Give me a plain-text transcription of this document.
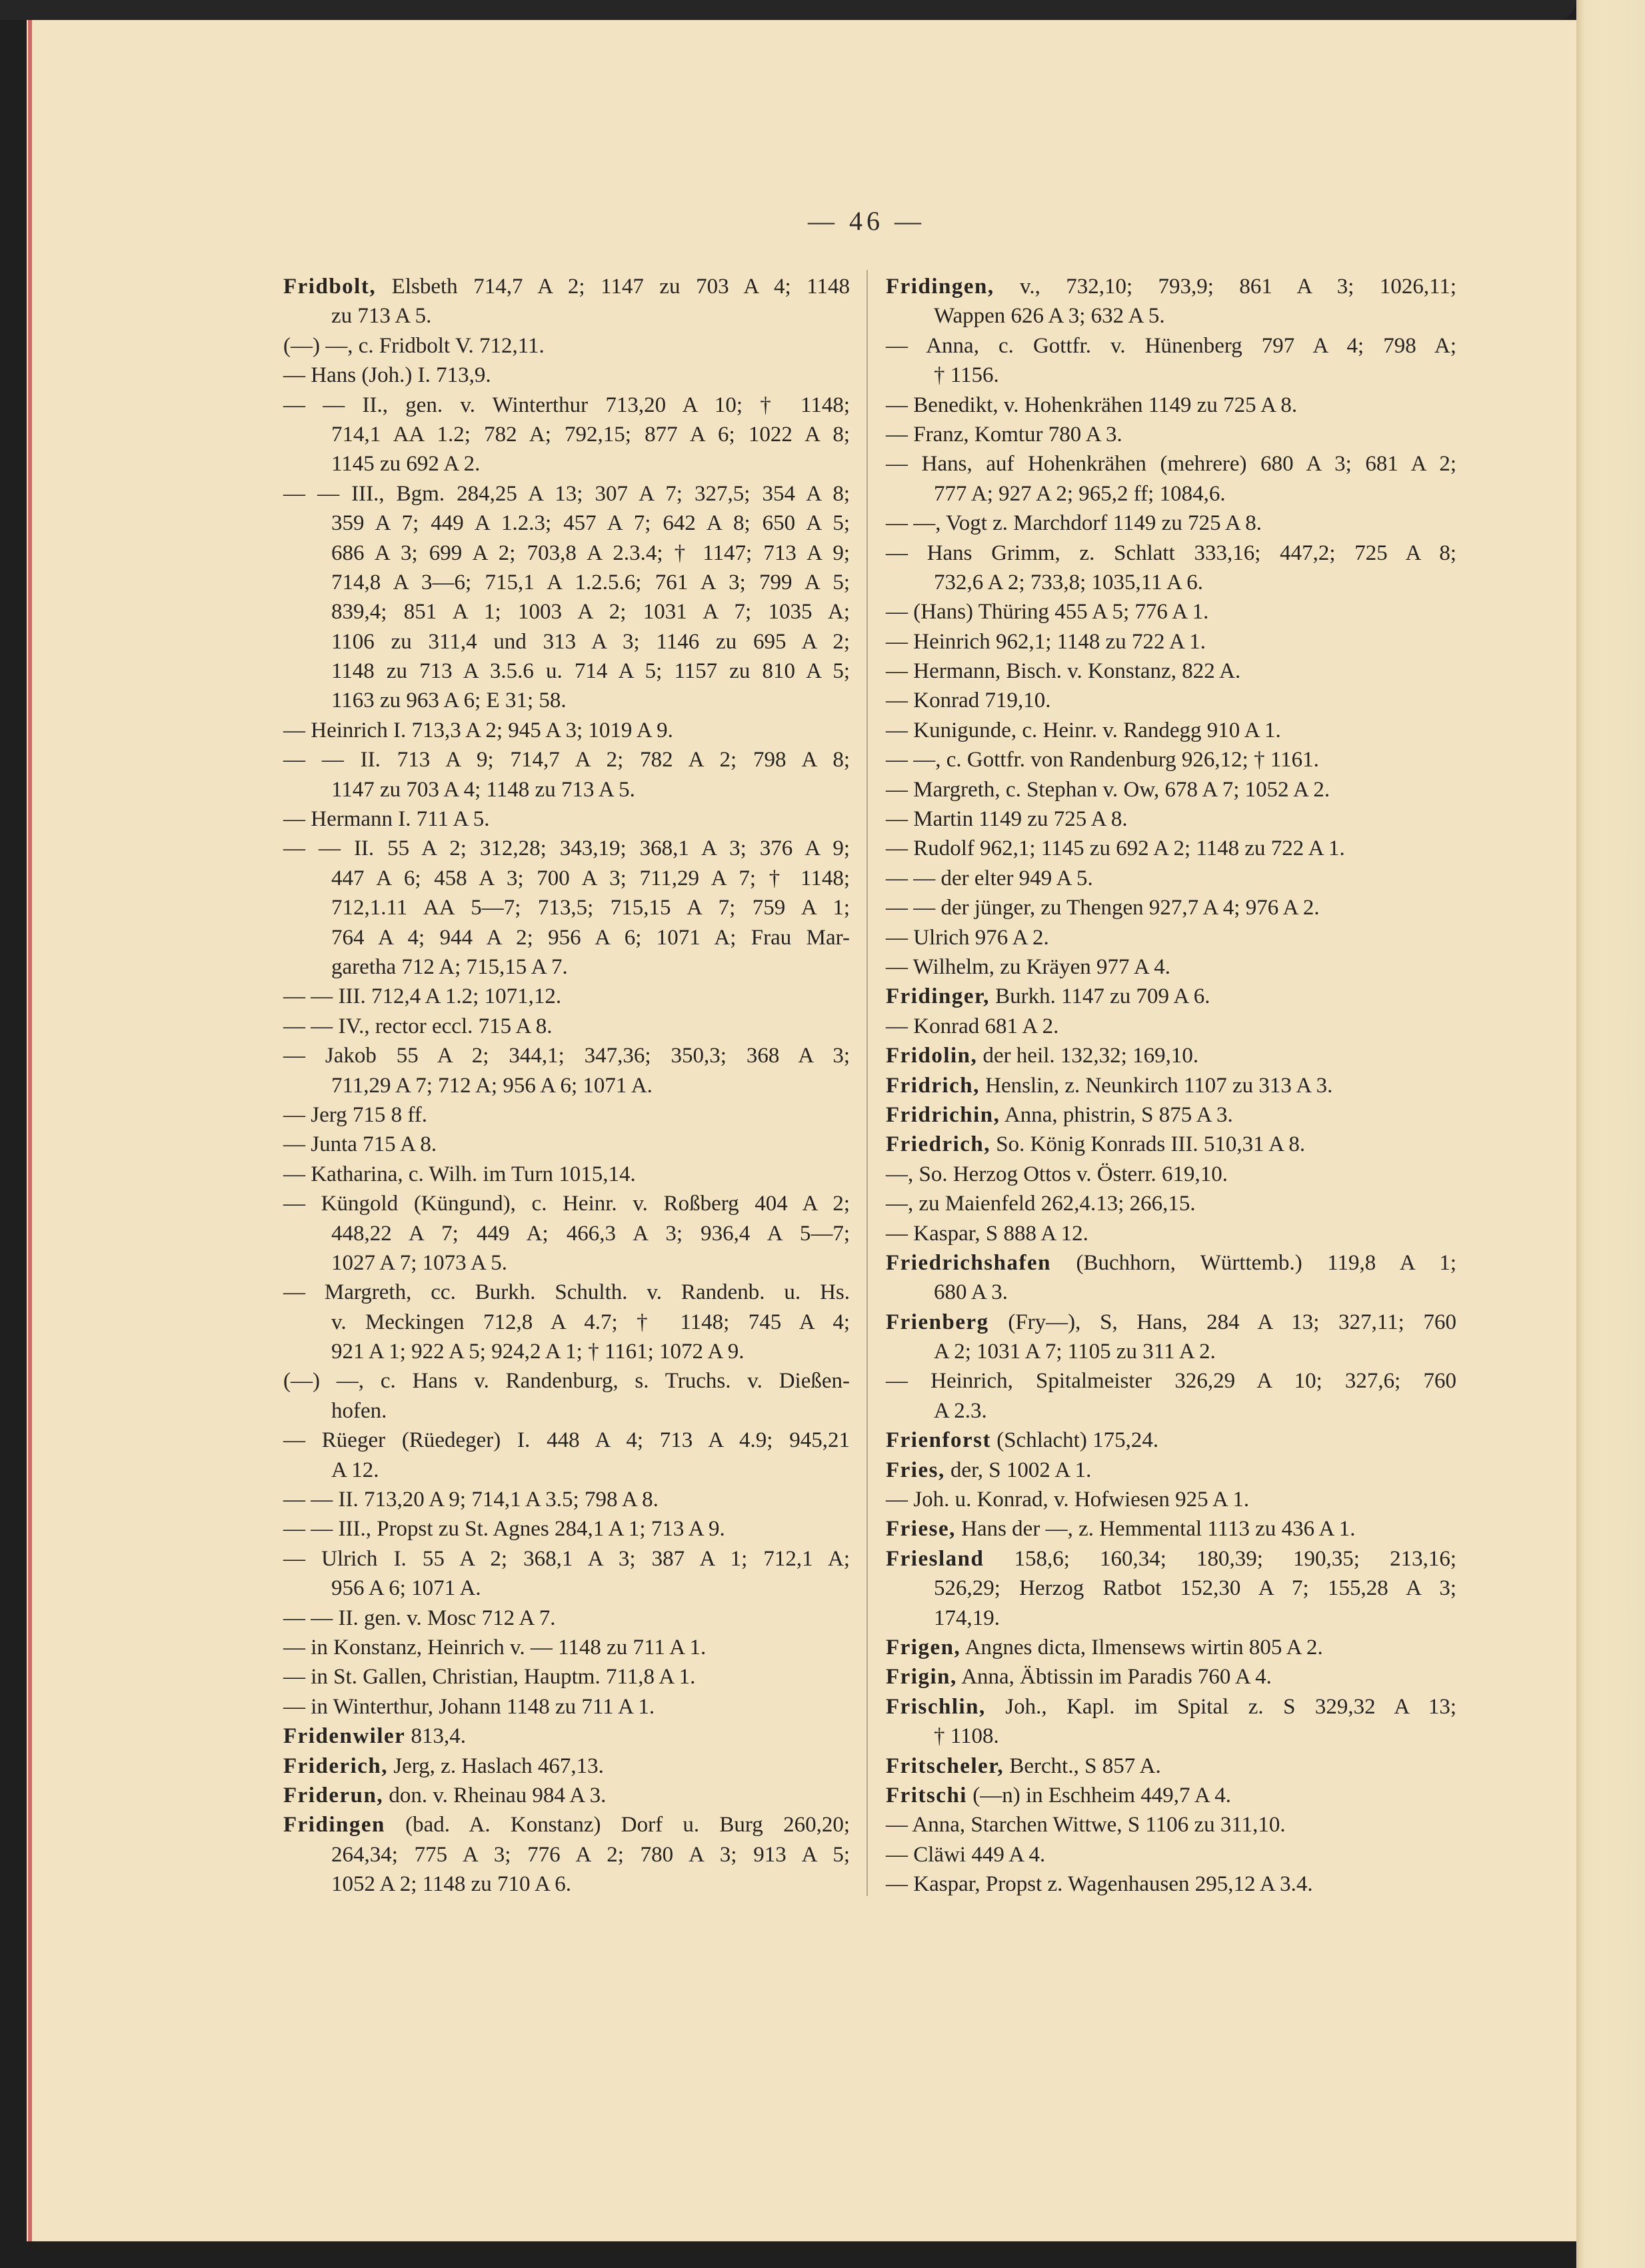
— 46 —
Fridbolt, Elsbeth 714,7 A 2; 1147 zu 703 A 4; 1148
zu 713 A 5.
(—) —, c. Fridbolt V. 712,11.
— Hans (Joh.) I. 713,9.
— — II., gen. v. Winterthur 713,20 A 10; † 1148;
714,1 AA 1.2; 782 A; 792,15; 877 A 6; 1022 A 8;
1145 zu 692 A 2.
— — III., Bgm. 284,25 A 13; 307 A 7; 327,5; 354 A 8;
359 A 7; 449 A 1.2.3; 457 A 7; 642 A 8; 650 A 5;
686 A 3; 699 A 2; 703,8 A 2.3.4; † 1147; 713 A 9;
714,8 A 3—6; 715,1 A 1.2.5.6; 761 A 3; 799 A 5;
839,4; 851 A 1; 1003 A 2; 1031 A 7; 1035 A;
1106 zu 311,4 und 313 A 3; 1146 zu 695 A 2;
1148 zu 713 A 3.5.6 u. 714 A 5; 1157 zu 810 A 5;
1163 zu 963 A 6; E 31; 58.
— Heinrich I. 713,3 A 2; 945 A 3; 1019 A 9.
— — II. 713 A 9; 714,7 A 2; 782 A 2; 798 A 8;
1147 zu 703 A 4; 1148 zu 713 A 5.
— Hermann I. 711 A 5.
— — II. 55 A 2; 312,28; 343,19; 368,1 A 3; 376 A 9;
447 A 6; 458 A 3; 700 A 3; 711,29 A 7; † 1148;
712,1.11 AA 5—7; 713,5; 715,15 A 7; 759 A 1;
764 A 4; 944 A 2; 956 A 6; 1071 A; Frau Mar-
garetha 712 A; 715,15 A 7.
— — III. 712,4 A 1.2; 1071,12.
— — IV., rector eccl. 715 A 8.
— Jakob 55 A 2; 344,1; 347,36; 350,3; 368 A 3;
711,29 A 7; 712 A; 956 A 6; 1071 A.
— Jerg 715 8 ff.
— Junta 715 A 8.
— Katharina, c. Wilh. im Turn 1015,14.
— Küngold (Küngund), c. Heinr. v. Roßberg 404 A 2;
448,22 A 7; 449 A; 466,3 A 3; 936,4 A 5—7;
1027 A 7; 1073 A 5.
— Margreth, cc. Burkh. Schulth. v. Randenb. u. Hs.
v. Meckingen 712,8 A 4.7; † 1148; 745 A 4;
921 A 1; 922 A 5; 924,2 A 1; † 1161; 1072 A 9.
(—) —, c. Hans v. Randenburg, s. Truchs. v. Dießen-
hofen.
— Rüeger (Rüedeger) I. 448 A 4; 713 A 4.9; 945,21
A 12.
— — II. 713,20 A 9; 714,1 A 3.5; 798 A 8.
— — III., Propst zu St. Agnes 284,1 A 1; 713 A 9.
— Ulrich I. 55 A 2; 368,1 A 3; 387 A 1; 712,1 A;
956 A 6; 1071 A.
— — II. gen. v. Mosc 712 A 7.
— in Konstanz, Heinrich v. — 1148 zu 711 A 1.
— in St. Gallen, Christian, Hauptm. 711,8 A 1.
— in Winterthur, Johann 1148 zu 711 A 1.
Fridenwiler 813,4.
Friderich, Jerg, z. Haslach 467,13.
Friderun, don. v. Rheinau 984 A 3.
Fridingen (bad. A. Konstanz) Dorf u. Burg 260,20;
264,34; 775 A 3; 776 A 2; 780 A 3; 913 A 5;
1052 A 2; 1148 zu 710 A 6.
Fridingen, v., 732,10; 793,9; 861 A 3; 1026,11;
Wappen 626 A 3; 632 A 5.
— Anna, c. Gottfr. v. Hünenberg 797 A 4; 798 A;
† 1156.
— Benedikt, v. Hohenkrähen 1149 zu 725 A 8.
— Franz, Komtur 780 A 3.
— Hans, auf Hohenkrähen (mehrere) 680 A 3; 681 A 2;
777 A; 927 A 2; 965,2 ff; 1084,6.
— —, Vogt z. Marchdorf 1149 zu 725 A 8.
— Hans Grimm, z. Schlatt 333,16; 447,2; 725 A 8;
732,6 A 2; 733,8; 1035,11 A 6.
— (Hans) Thüring 455 A 5; 776 A 1.
— Heinrich 962,1; 1148 zu 722 A 1.
— Hermann, Bisch. v. Konstanz, 822 A.
— Konrad 719,10.
— Kunigunde, c. Heinr. v. Randegg 910 A 1.
— —, c. Gottfr. von Randenburg 926,12; † 1161.
— Margreth, c. Stephan v. Ow, 678 A 7; 1052 A 2.
— Martin 1149 zu 725 A 8.
— Rudolf 962,1; 1145 zu 692 A 2; 1148 zu 722 A 1.
— — der elter 949 A 5.
— — der jünger, zu Thengen 927,7 A 4; 976 A 2.
— Ulrich 976 A 2.
— Wilhelm, zu Kräyen 977 A 4.
Fridinger, Burkh. 1147 zu 709 A 6.
— Konrad 681 A 2.
Fridolin, der heil. 132,32; 169,10.
Fridrich, Henslin, z. Neunkirch 1107 zu 313 A 3.
Fridrichin, Anna, phistrin, S 875 A 3.
Friedrich, So. König Konrads III. 510,31 A 8.
—, So. Herzog Ottos v. Österr. 619,10.
—, zu Maienfeld 262,4.13; 266,15.
— Kaspar, S 888 A 12.
Friedrichshafen (Buchhorn, Württemb.) 119,8 A 1;
680 A 3.
Frienberg (Fry—), S, Hans, 284 A 13; 327,11; 760
A 2; 1031 A 7; 1105 zu 311 A 2.
— Heinrich, Spitalmeister 326,29 A 10; 327,6; 760
A 2.3.
Frienforst (Schlacht) 175,24.
Fries, der, S 1002 A 1.
— Joh. u. Konrad, v. Hofwiesen 925 A 1.
Friese, Hans der —, z. Hemmental 1113 zu 436 A 1.
Friesland 158,6; 160,34; 180,39; 190,35; 213,16;
526,29; Herzog Ratbot 152,30 A 7; 155,28 A 3;
174,19.
Frigen, Angnes dicta, Ilmensews wirtin 805 A 2.
Frigin, Anna, Äbtissin im Paradis 760 A 4.
Frischlin, Joh., Kapl. im Spital z. S 329,32 A 13;
† 1108.
Fritscheler, Bercht., S 857 A.
Fritschi (—n) in Eschheim 449,7 A 4.
— Anna, Starchen Wittwe, S 1106 zu 311,10.
— Cläwi 449 A 4.
— Kaspar, Propst z. Wagenhausen 295,12 A 3.4.
